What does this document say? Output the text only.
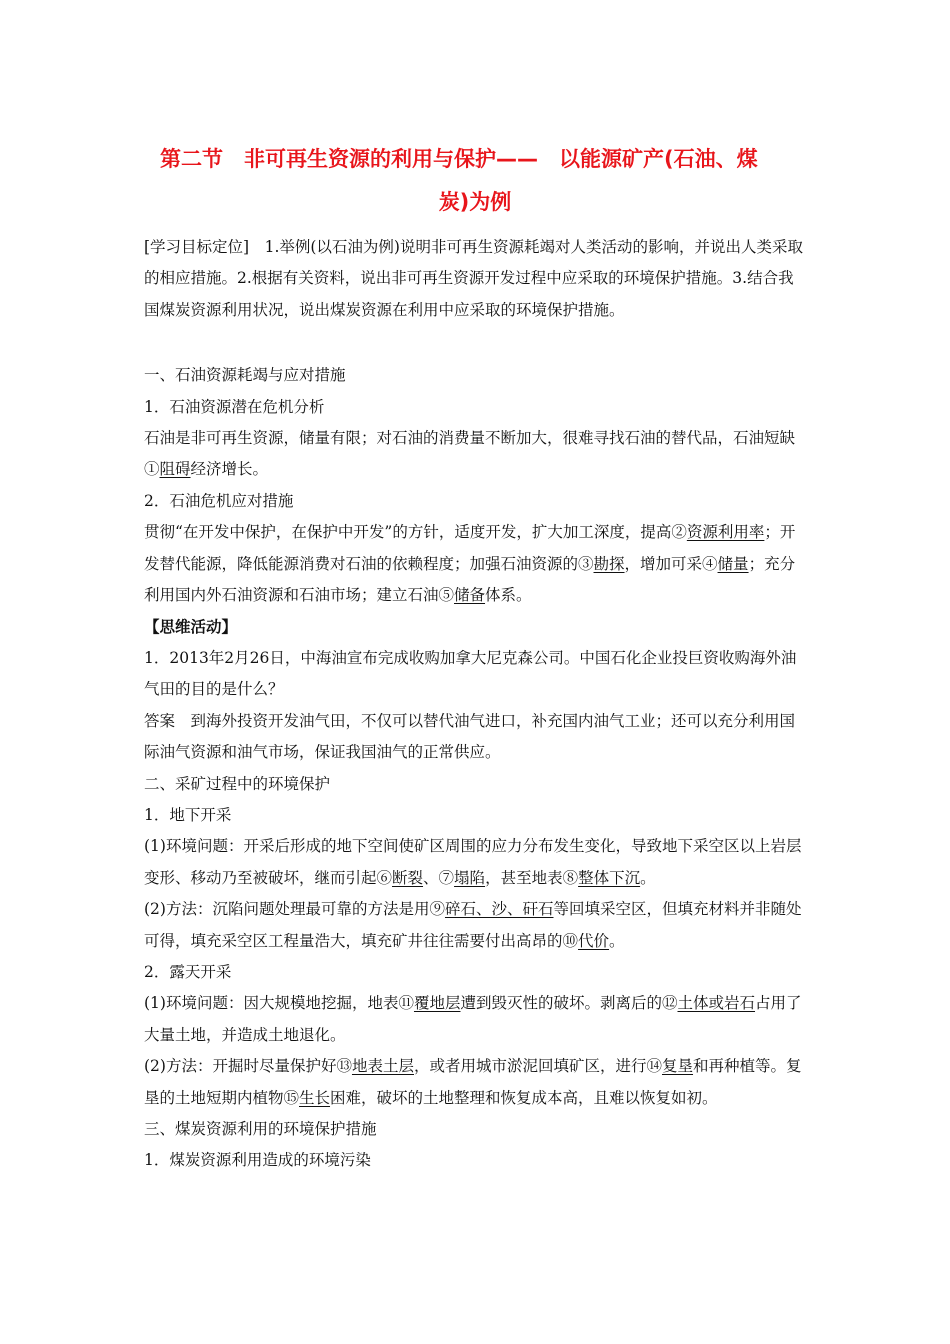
第二节　非可再生资源的利用与保护——　以能源矿产(石油、煤
炭)为例

[学习目标定位]　1.举例(以石油为例)说明非可再生资源耗竭对人类活动的影响，并说出人类采取的相应措施。2.根据有关资料，说出非可再生资源开发过程中应采取的环境保护措施。3.结合我国煤炭资源利用状况，说出煤炭资源在利用中应采取的环境保护措施。

一、石油资源耗竭与应对措施

1．石油资源潜在危机分析

石油是非可再生资源，储量有限；对石油的消费量不断加大，很难寻找石油的替代品，石油短缺①阻碍经济增长。

2．石油危机应对措施

贯彻“在开发中保护，在保护中开发”的方针，适度开发，扩大加工深度，提高②资源利用率；开发替代能源，降低能源消费对石油的依赖程度；加强石油资源的③勘探，增加可采④储量；充分利用国内外石油资源和石油市场；建立石油⑤储备体系。

【思维活动】

1．2013年2月26日，中海油宣布完成收购加拿大尼克森公司。中国石化企业投巨资收购海外油气田的目的是什么？

答案　到海外投资开发油气田，不仅可以替代油气进口，补充国内油气工业；还可以充分利用国际油气资源和油气市场，保证我国油气的正常供应。

二、采矿过程中的环境保护

1．地下开采

(1)环境问题：开采后形成的地下空间使矿区周围的应力分布发生变化，导致地下采空区以上岩层变形、移动乃至被破坏，继而引起⑥断裂、⑦塌陷，甚至地表⑧整体下沉。

(2)方法：沉陷问题处理最可靠的方法是用⑨碎石、沙、矸石等回填采空区，但填充材料并非随处可得，填充采空区工程量浩大，填充矿井往往需要付出高昂的⑩代价。

2．露天开采

(1)环境问题：因大规模地挖掘，地表⑪覆地层遭到毁灭性的破坏。剥离后的⑫土体或岩石占用了大量土地，并造成土地退化。

(2)方法：开掘时尽量保护好⑬地表土层，或者用城市淤泥回填矿区，进行⑭复垦和再种植等。复垦的土地短期内植物⑮生长困难，破坏的土地整理和恢复成本高，且难以恢复如初。

三、煤炭资源利用的环境保护措施

1．煤炭资源利用造成的环境污染
